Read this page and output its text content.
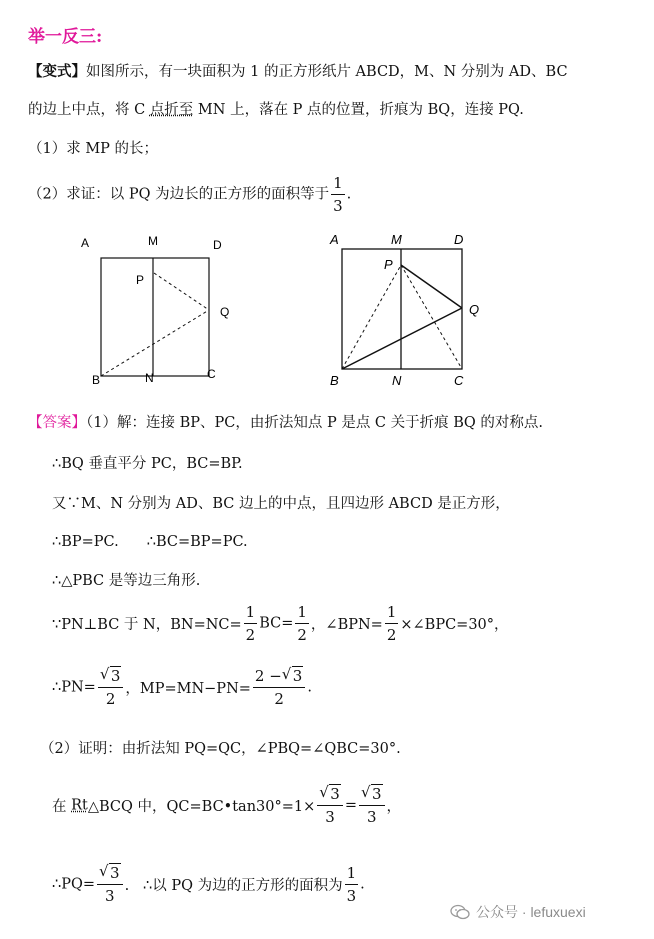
举一反三:
【变式】如图所示，有一块面积为 1 的正方形纸片 ABCD，M、N 分别为 AD、BC
的边上中点，将 C 点折至 MN 上，落在 P 点的位置，折痕为 BQ，连接 PQ.
（1）求 MP 的长；
（2）求证：以 PQ 为边长的正方形的面积等于 $\frac{1}{3}$ .
A	M	D
P
Q
B	N	C
A	M	D
P
Q
B	N	C
【答案】（1）解：连接 BP、PC，由折法知点 P 是点 C 关于折痕 BQ 的对称点.
∴BQ 垂直平分 PC，BC=BP.
又∵M、N 分别为 AD、BC 边上的中点，且四边形 ABCD 是正方形，
∴BP=PC. ∴BC=BP=PC.
∴△PBC 是等边三角形.
∵PN⊥BC 于 N，$BN=NC= \frac{1}{2} BC= \frac{1}{2}$ ，∠BPN= $\frac{1}{2}$ ×∠BPC=30°，
∴PN= $\frac{√ 3}{2}$ ，$MP=MN-PN= \frac{2 - √ 3}{2}$ .
（2）证明：由折法知 PQ=QC，∠PBQ=∠QBC=30°.
在 Rt△BCQ 中，QC=BC•tan30°=1× $\frac{√ 3}{3} = \frac{√ 3}{3}$ ，
∴PQ= $\frac{√ 3}{3}$ .   ∴以 PQ 为边的正方形的面积为 $\frac{1}{3}$ .
公众号 · lefuxuexi
